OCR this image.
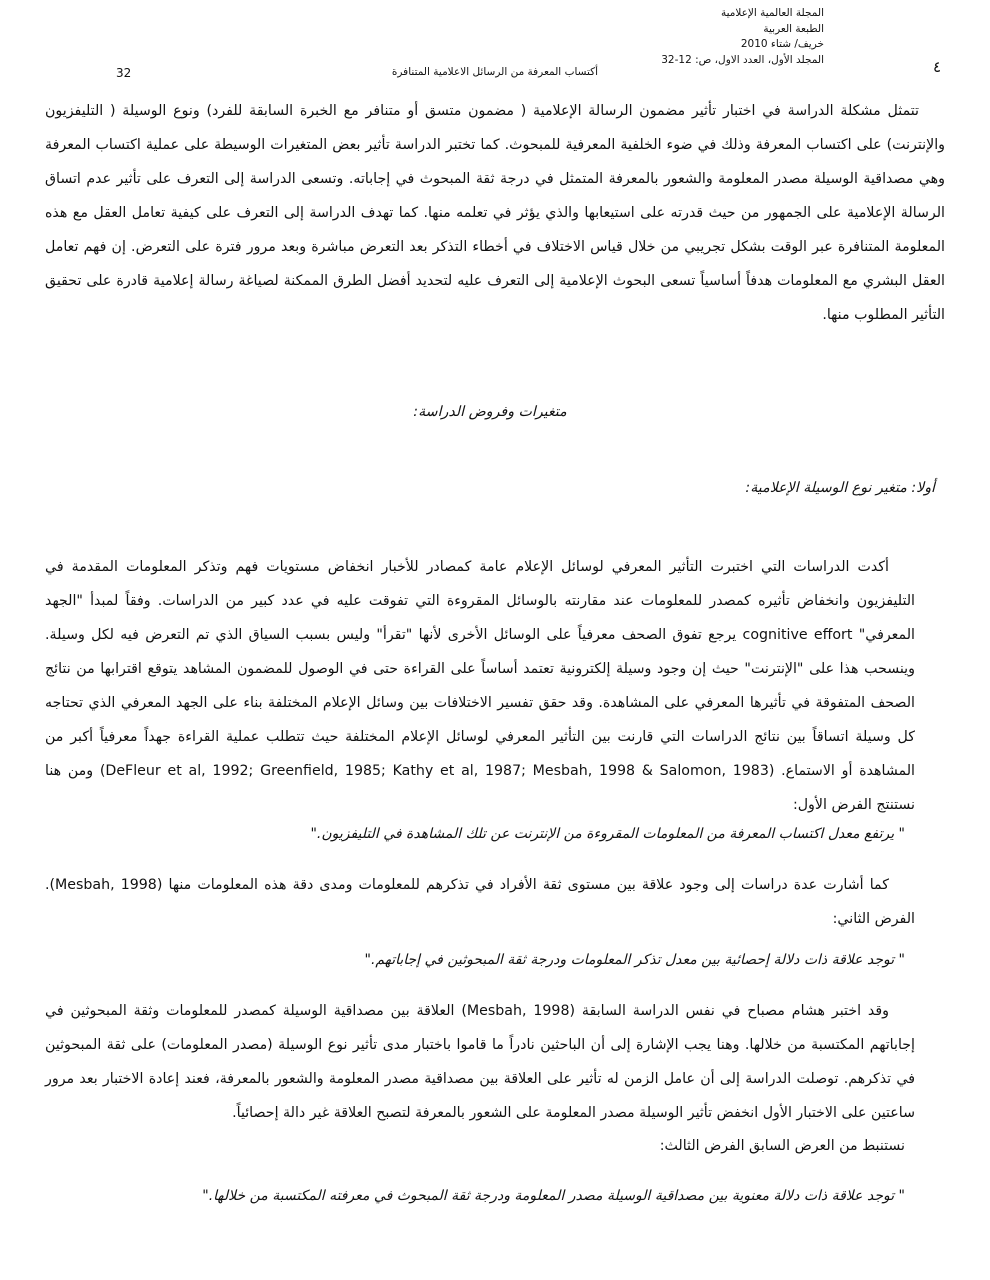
المجلة العالمية الإعلامية
الطبعة العربية
خريف/ شتاء 2010
المجلد الأول، العدد الاول، ص: 12-32	٤
32	أكتساب المعرفة من الرسائل الاعلامية المتنافرة

تتمثل مشكلة الدراسة في اختبار تأثير مضمون الرسالة الإعلامية ( مضمون متسق أو متنافر مع الخبرة السابقة للفرد) ونوع الوسيلة ( التليفزيون والإنترنت) على اكتساب المعرفة وذلك في ضوء الخلفية المعرفية للمبحوث. كما تختبر الدراسة تأثير بعض المتغيرات الوسيطة على عملية اكتساب المعرفة وهي مصداقية الوسيلة مصدر المعلومة والشعور بالمعرفة المتمثل في درجة ثقة المبحوث في إجاباته. وتسعى الدراسة إلى التعرف على تأثير عدم اتساق الرسالة الإعلامية على الجمهور من حيث قدرته على استيعابها والذي يؤثر في تعلمه منها. كما تهدف الدراسة إلى التعرف على كيفية تعامل العقل مع هذه المعلومة المتنافرة عبر الوقت بشكل تجريبي من خلال قياس الاختلاف في أخطاء التذكر بعد التعرض مباشرة وبعد مرور فترة على التعرض. إن فهم تعامل العقل البشري مع المعلومات هدفاً أساسياً تسعى البحوث الإعلامية إلى التعرف عليه لتحديد أفضل الطرق الممكنة لصياغة رسالة إعلامية قادرة على تحقيق التأثير المطلوب منها.

متغيرات وفروض الدراسة:

أولا: متغير نوع الوسيلة الإعلامية:

أكدت الدراسات التي اختبرت التأثير المعرفي لوسائل الإعلام عامة كمصادر للأخبار انخفاض مستويات فهم وتذكر المعلومات المقدمة في التليفزيون وانخفاض تأثيره كمصدر للمعلومات عند مقارنته بالوسائل المقروءة التي تفوقت عليه في عدد كبير من الدراسات. وفقاً لمبدأ "الجهد المعرفي" cognitive effort يرجع تفوق الصحف معرفياً على الوسائل الأخرى لأنها "تقرأ" وليس بسبب السياق الذي تم التعرض فيه لكل وسيلة. وينسحب هذا على "الإنترنت" حيث إن وجود وسيلة إلكترونية تعتمد أساساً على القراءة حتى في الوصول للمضمون المشاهد يتوقع اقترابها من نتائج الصحف المتفوقة في تأثيرها المعرفي على المشاهدة. وقد حقق تفسير الاختلافات بين وسائل الإعلام المختلفة بناء على الجهد المعرفي الذي تحتاجه كل وسيلة اتساقاً بين نتائج الدراسات التي قارنت بين التأثير المعرفي لوسائل الإعلام المختلفة حيث تتطلب عملية القراءة جهداً معرفياً أكبر من المشاهدة أو الاستماع. (DeFleur et al, 1992; Greenfield, 1985; Kathy et al, 1987; Mesbah, 1998 & Salomon, 1983) ومن هنا نستنتج الفرض الأول:

" يرتفع معدل اكتساب المعرفة من المعلومات المقروءة من الإنترنت عن تلك المشاهدة في التليفزيون."

كما أشارت عدة دراسات إلى وجود علاقة بين مستوى ثقة الأفراد في تذكرهم للمعلومات ومدى دقة هذه المعلومات منها (Mesbah, 1998). الفرض الثاني:

" توجد علاقة ذات دلالة إحصائية بين معدل تذكر المعلومات ودرجة ثقة المبحوثين في إجاباتهم."

وقد اختبر هشام مصباح في نفس الدراسة السابقة (Mesbah, 1998) العلاقة بين مصداقية الوسيلة كمصدر للمعلومات وثقة المبحوثين في إجاباتهم المكتسبة من خلالها. وهنا يجب الإشارة إلى أن الباحثين نادراً ما قاموا باختبار مدى تأثير نوع الوسيلة (مصدر المعلومات) على ثقة المبحوثين في تذكرهم. توصلت الدراسة إلى أن عامل الزمن له تأثير على العلاقة بين مصداقية مصدر المعلومة والشعور بالمعرفة، فعند إعادة الاختبار بعد مرور ساعتين على الاختبار الأول انخفض تأثير الوسيلة مصدر المعلومة على الشعور بالمعرفة لتصبح العلاقة غير دالة إحصائياً.

نستنبط من العرض السابق الفرض الثالث:

" توجد علاقة ذات دلالة معنوية بين مصداقية الوسيلة مصدر المعلومة ودرجة ثقة المبحوث في معرفته المكتسبة من خلالها."
